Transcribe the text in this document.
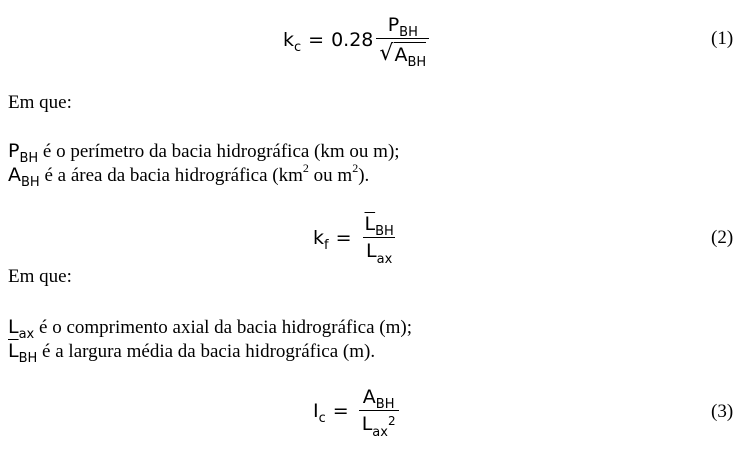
$k_c = 0.28 \frac{P_{BH}}{√ A_{BH}}$	(1)
Em que:
$P_{BH}$ é o perímetro da bacia hidrográfica (km ou m);
$A_{BH}$ é a área da bacia hidrográfica ($km^2$ ou $m^2$).
$k_f = \frac{\overline{L}_{BH}}{\text{L ax}}$	(2)
Em que:
$L_{ax}$ é o comprimento axial da bacia hidrográfica (m);
$\overline{L}_{BH}$ é a largura média da bacia hidrográfica (m).
$I_c = A_{BH}$
L ax
2	(3)
